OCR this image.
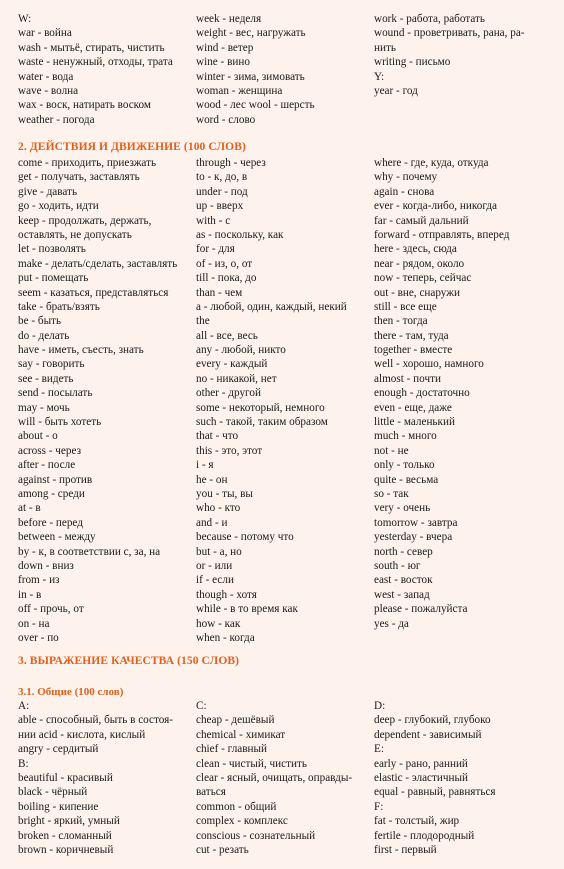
W:
war - война
wash - мытьё, стирать, чистить
waste - ненужный, отходы, трата
water - вода
wave - волна
wax - воск, натирать воском
weather - погода
week - неделя
weight - вес, нагружать
wind - ветер
wine - вино
winter - зима, зимовать
woman - женщина
wood - лес wool - шерсть
word - слово
work - работа, работать
wound - проветривать, рана, ра-
нить
writing - письмо
Y:
year - год
2. ДЕЙСТВИЯ И ДВИЖЕНИЕ (100 СЛОВ)
come - приходить, приезжать
get - получать, заставлять
give - давать
go - ходить, идти
keep - продолжать, держать,
оставлять, не допускать
let - позволять
make - делать/сделать, заставлять
put - помещать
seem - казаться, представляться
take - брать/взять
be - быть
do - делать
have - иметь, съесть, знать
say - говорить
see - видеть
send - посылать
may - мочь
will - быть хотеть
about - о
across - через
after - после
against - против
among - среди
at - в
before - перед
between - между
by - к, в соответствии с, за, на
down - вниз
from - из
in - в
off - прочь, от
on - на
over - по
through - через
to - к, до, в
under - под
up - вверх
with - с
as - поскольку, как
for - для
of - из, о, от
till - пока, до
than - чем
a - любой, один, каждый, некий
the
all - все, весь
any - любой, никто
every - каждый
no - никакой, нет
other - другой
some - некоторый, немного
such - такой, таким образом
that - что
this - это, этот
i - я
he - он
you - ты, вы
who - кто
and - и
because - потому что
but - а, но
or - или
if - если
though - хотя
while - в то время как
how - как
when - когда
where - где, куда, откуда
why - почему
again - снова
ever - когда-либо, никогда
far - самый дальний
forward - отправлять, вперед
here - здесь, сюда
near - рядом, около
now - теперь, сейчас
out - вне, снаружи
still - все еще
then - тогда
there - там, туда
together - вместе
well - хорошо, намного
almost - почти
enough - достаточно
even - еще, даже
little - маленький
much - много
not - не
only - только
quite - весьма
so - так
very - очень
tomorrow - завтра
yesterday - вчера
north - север
south - юг
east - восток
west - запад
please - пожалуйста
yes - да
3. ВЫРАЖЕНИЕ КАЧЕСТВА (150 СЛОВ)
3.1. Общие (100 слов)
A:
able - способный, быть в состоя-
нии acid - кислота, кислый
angry - сердитый
B:
beautiful - красивый
black - чёрный
boiling - кипение
bright - яркий, умный
broken - сломанный
brown - коричневый
C:
cheap - дешёвый
chemical - химикат
chief - главный
clean - чистый, чистить
clear - ясный, очищать, оправды-
ваться
common - общий
complex - комплекс
conscious - сознательный
cut - резать
D:
deep - глубокий, глубоко
dependent - зависимый
E:
early - рано, ранний
elastic - эластичный
equal - равный, равняться
F:
fat - толстый, жир
fertile - плодородный
first - первый
